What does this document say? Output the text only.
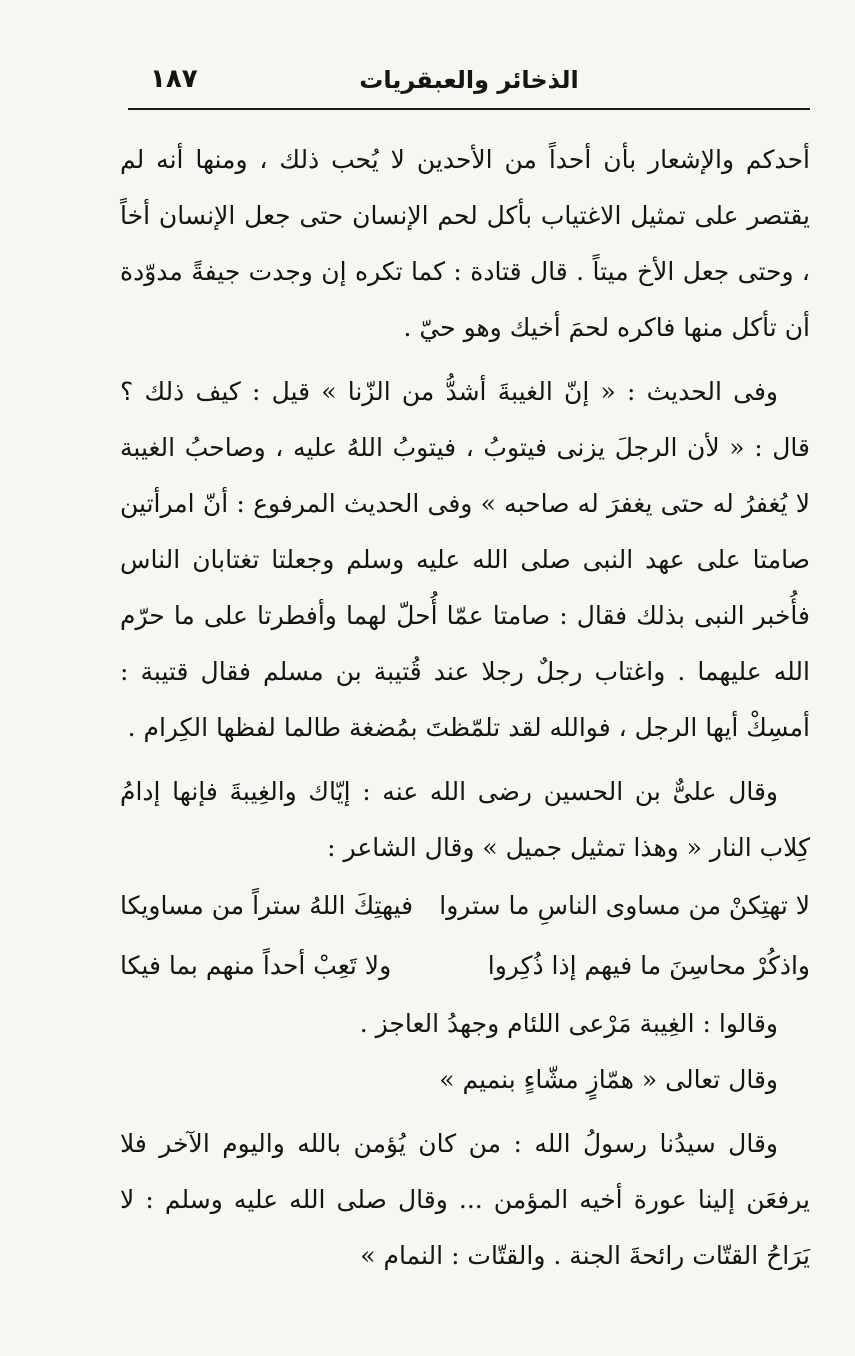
الذخائر والعبقريات
١٨٧

أحدكم والإشعار بأن أحداً من الأحدين لا يُحب ذلك ، ومنها أنه لم يقتصر على تمثيل الاغتياب بأكل لحم الإنسان حتى جعل الإنسان أخاً ، وحتى جعل الأخ ميتاً . قال قتادة : كما تكره إن وجدت جيفةً مدوّدة أن تأكل منها فاكره لحمَ أخيك وهو حيّ .

وفى الحديث : « إنّ الغيبةَ أشدُّ من الزّنا » قيل : كيف ذلك ؟ قال : « لأن الرجلَ يزنى فيتوبُ ، فيتوبُ اللهُ عليه ، وصاحبُ الغيبة لا يُغفرُ له حتى يغفرَ له صاحبه » وفى الحديث المرفوع : أنّ امرأتين صامتا على عهد النبى صلى الله عليه وسلم وجعلتا تغتابان الناس فأُخبر النبى بذلك فقال : صامتا عمّا أُحلّ لهما وأفطرتا على ما حرّم الله عليهما . واغتاب رجلٌ رجلا عند قُتيبة بن مسلم فقال قتيبة : أمسِكْ أيها الرجل ، فوالله لقد تلمّظتَ بمُضغة طالما لفظها الكِرام .

وقال علىٌّ بن الحسين رضى الله عنه : إيّاك والغِيبةَ فإنها إدامُ كِلاب النار « وهذا تمثيل جميل » وقال الشاعر :

لا تهتِكنْ من مساوى الناسِ ما ستروا
فيهتِكَ اللهُ ستراً من مساويكا
واذكُرْ محاسِنَ ما فيهم إذا ذُكِروا
ولا تَعِبْ أحداً منهم بما فيكا

وقالوا : الغِيبة مَرْعى اللئام وجهدُ العاجز .

وقال تعالى « همّازٍ مشّاءٍ بنميم »

وقال سيدُنا رسولُ الله : من كان يُؤمن بالله واليوم الآخر فلا يرفعَن إلينا عورة أخيه المؤمن ... وقال صلى الله عليه وسلم : لا يَرَاحُ القتّات رائحةَ الجنة . والقتّات : النمام »
